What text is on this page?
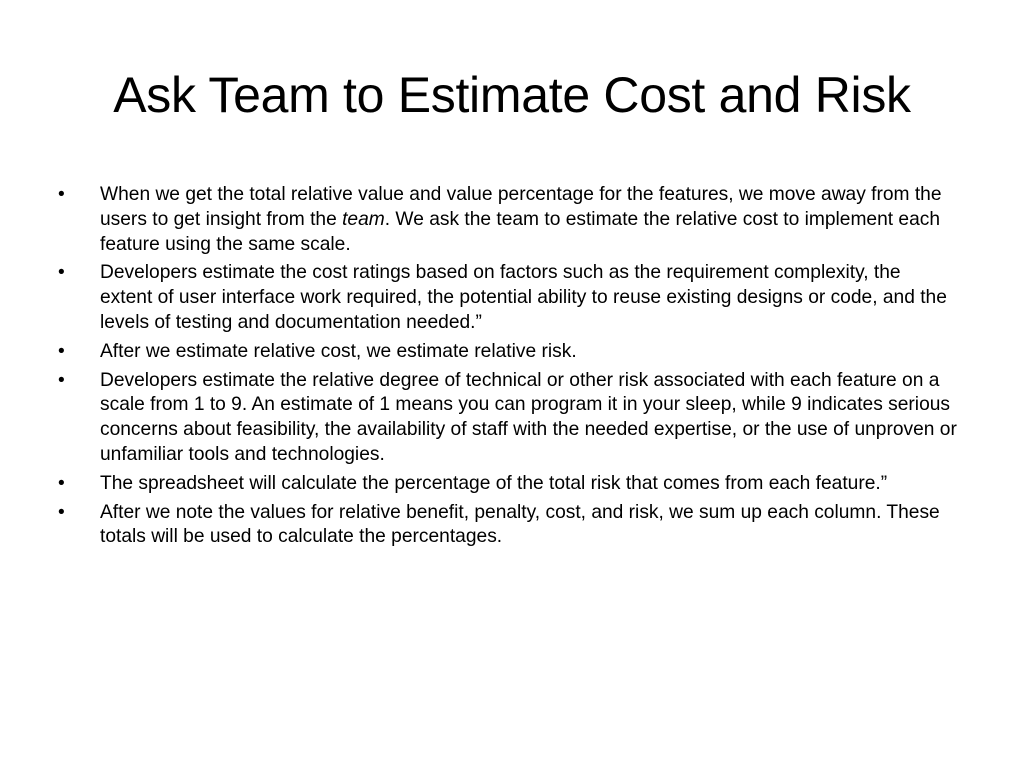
Ask Team to Estimate Cost and Risk
•	When we get the total relative value and value percentage for the features, we move away from the users to get insight from the team. We ask the team to estimate the relative cost to implement each feature using the same scale.
•	Developers estimate the cost ratings based on factors such as the requirement complexity, the extent of user interface work required, the potential ability to reuse existing designs or code, and the levels of testing and documentation needed.”
•	After we estimate relative cost, we estimate relative risk.
•	Developers estimate the relative degree of technical or other risk associated with each feature on a scale from 1 to 9. An estimate of 1 means you can program it in your sleep, while 9 indicates serious concerns about feasibility, the availability of staff with the needed expertise, or the use of unproven or unfamiliar tools and technologies.
•	The spreadsheet will calculate the percentage of the total risk that comes from each feature.”
•	After we note the values for relative benefit, penalty, cost, and risk, we sum up each column. These totals will be used to calculate the percentages.
